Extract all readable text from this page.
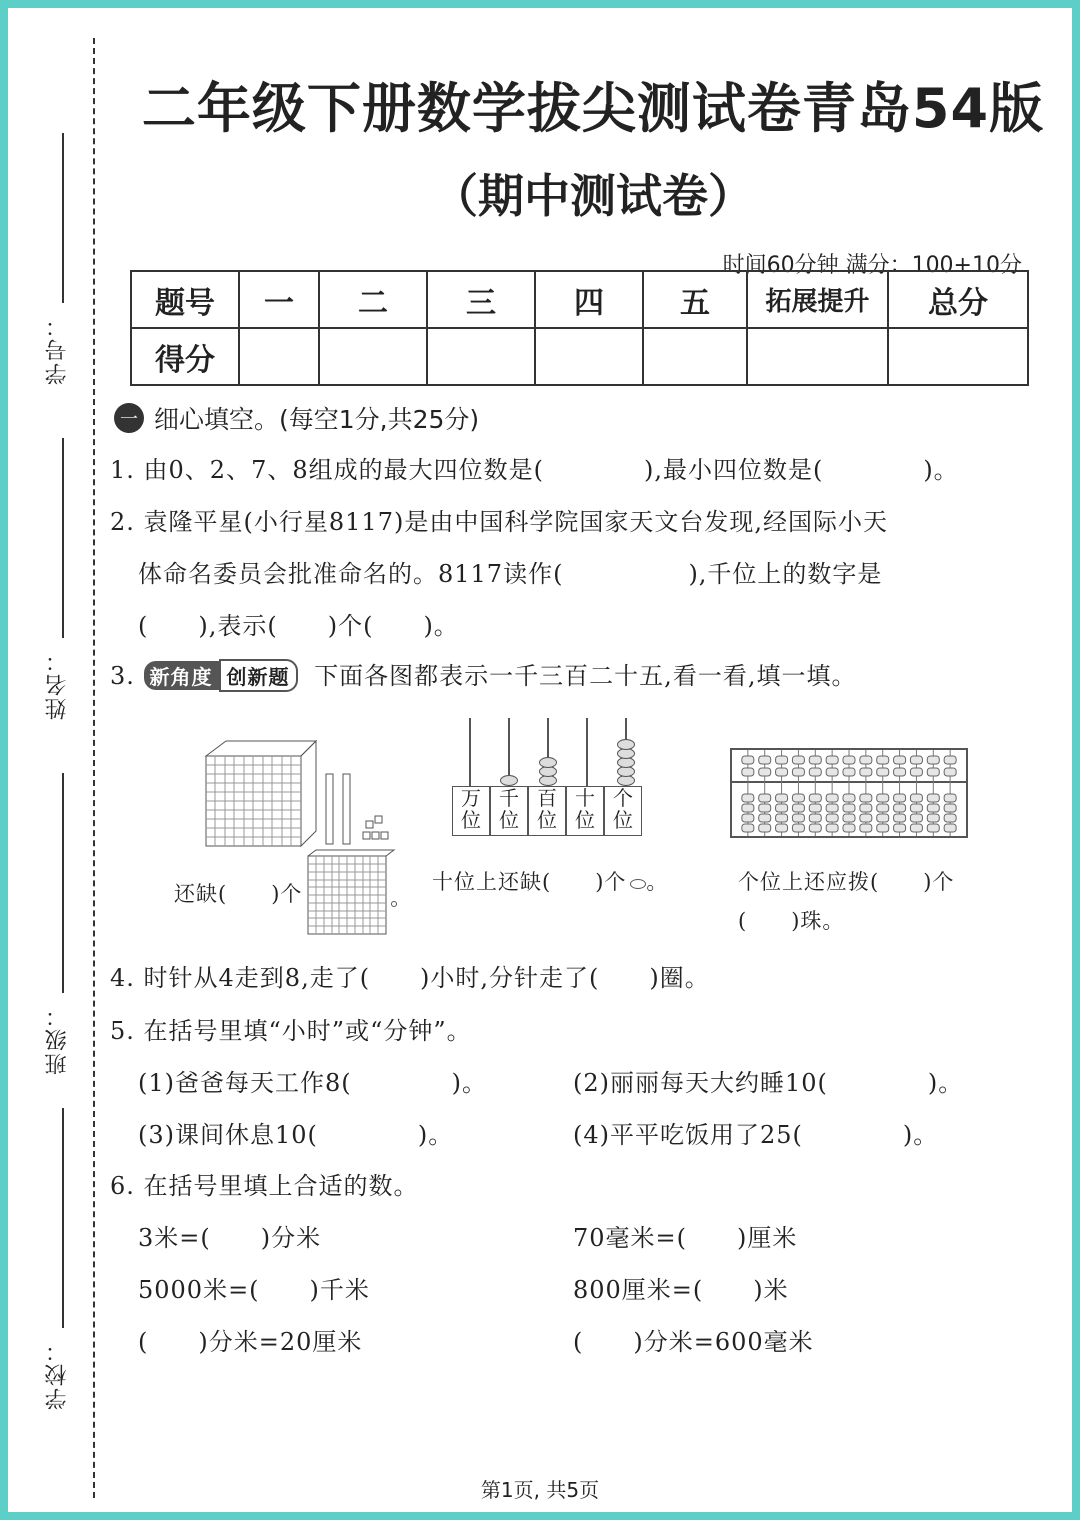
学号：
姓名：
班级：
学校：
二年级下册数学拔尖测试卷青岛54版
（期中测试卷）
时间60分钟 满分：100+10分
题号	一	二	三	四	五	拓展提升	总分
得分							
一 细心填空。(每空1分,共25分)
1. 由0、2、7、8组成的最大四位数是(　　　　),最小四位数是(　　　　)。
2. 袁隆平星(小行星8117)是由中国科学院国家天文台发现,经国际小天
体命名委员会批准命名的。8117读作(　　　　　),千位上的数字是
(　　),表示(　　)个(　　)。
3. 新角度 创新题 下面各图都表示一千三百二十五,看一看,填一填。
还缺(　　)个
万
位
千
位
百
位
十
位
个
位
十位上还缺(　　)个 。	个位上还应拨(　　)个
(　　)珠。
4. 时针从4走到8,走了(　　)小时,分针走了(　　)圈。
5. 在括号里填“小时”或“分钟”。
(1)爸爸每天工作8(　　　　)。	(2)丽丽每天大约睡10(　　　　)。
(3)课间休息10(　　　　)。	(4)平平吃饭用了25(　　　　)。
6. 在括号里填上合适的数。
3米=(　　)分米	70毫米=(　　)厘米
5000米=(　　)千米	800厘米=(　　)米
(　　)分米=20厘米	(　　)分米=600毫米
第1页, 共5页
